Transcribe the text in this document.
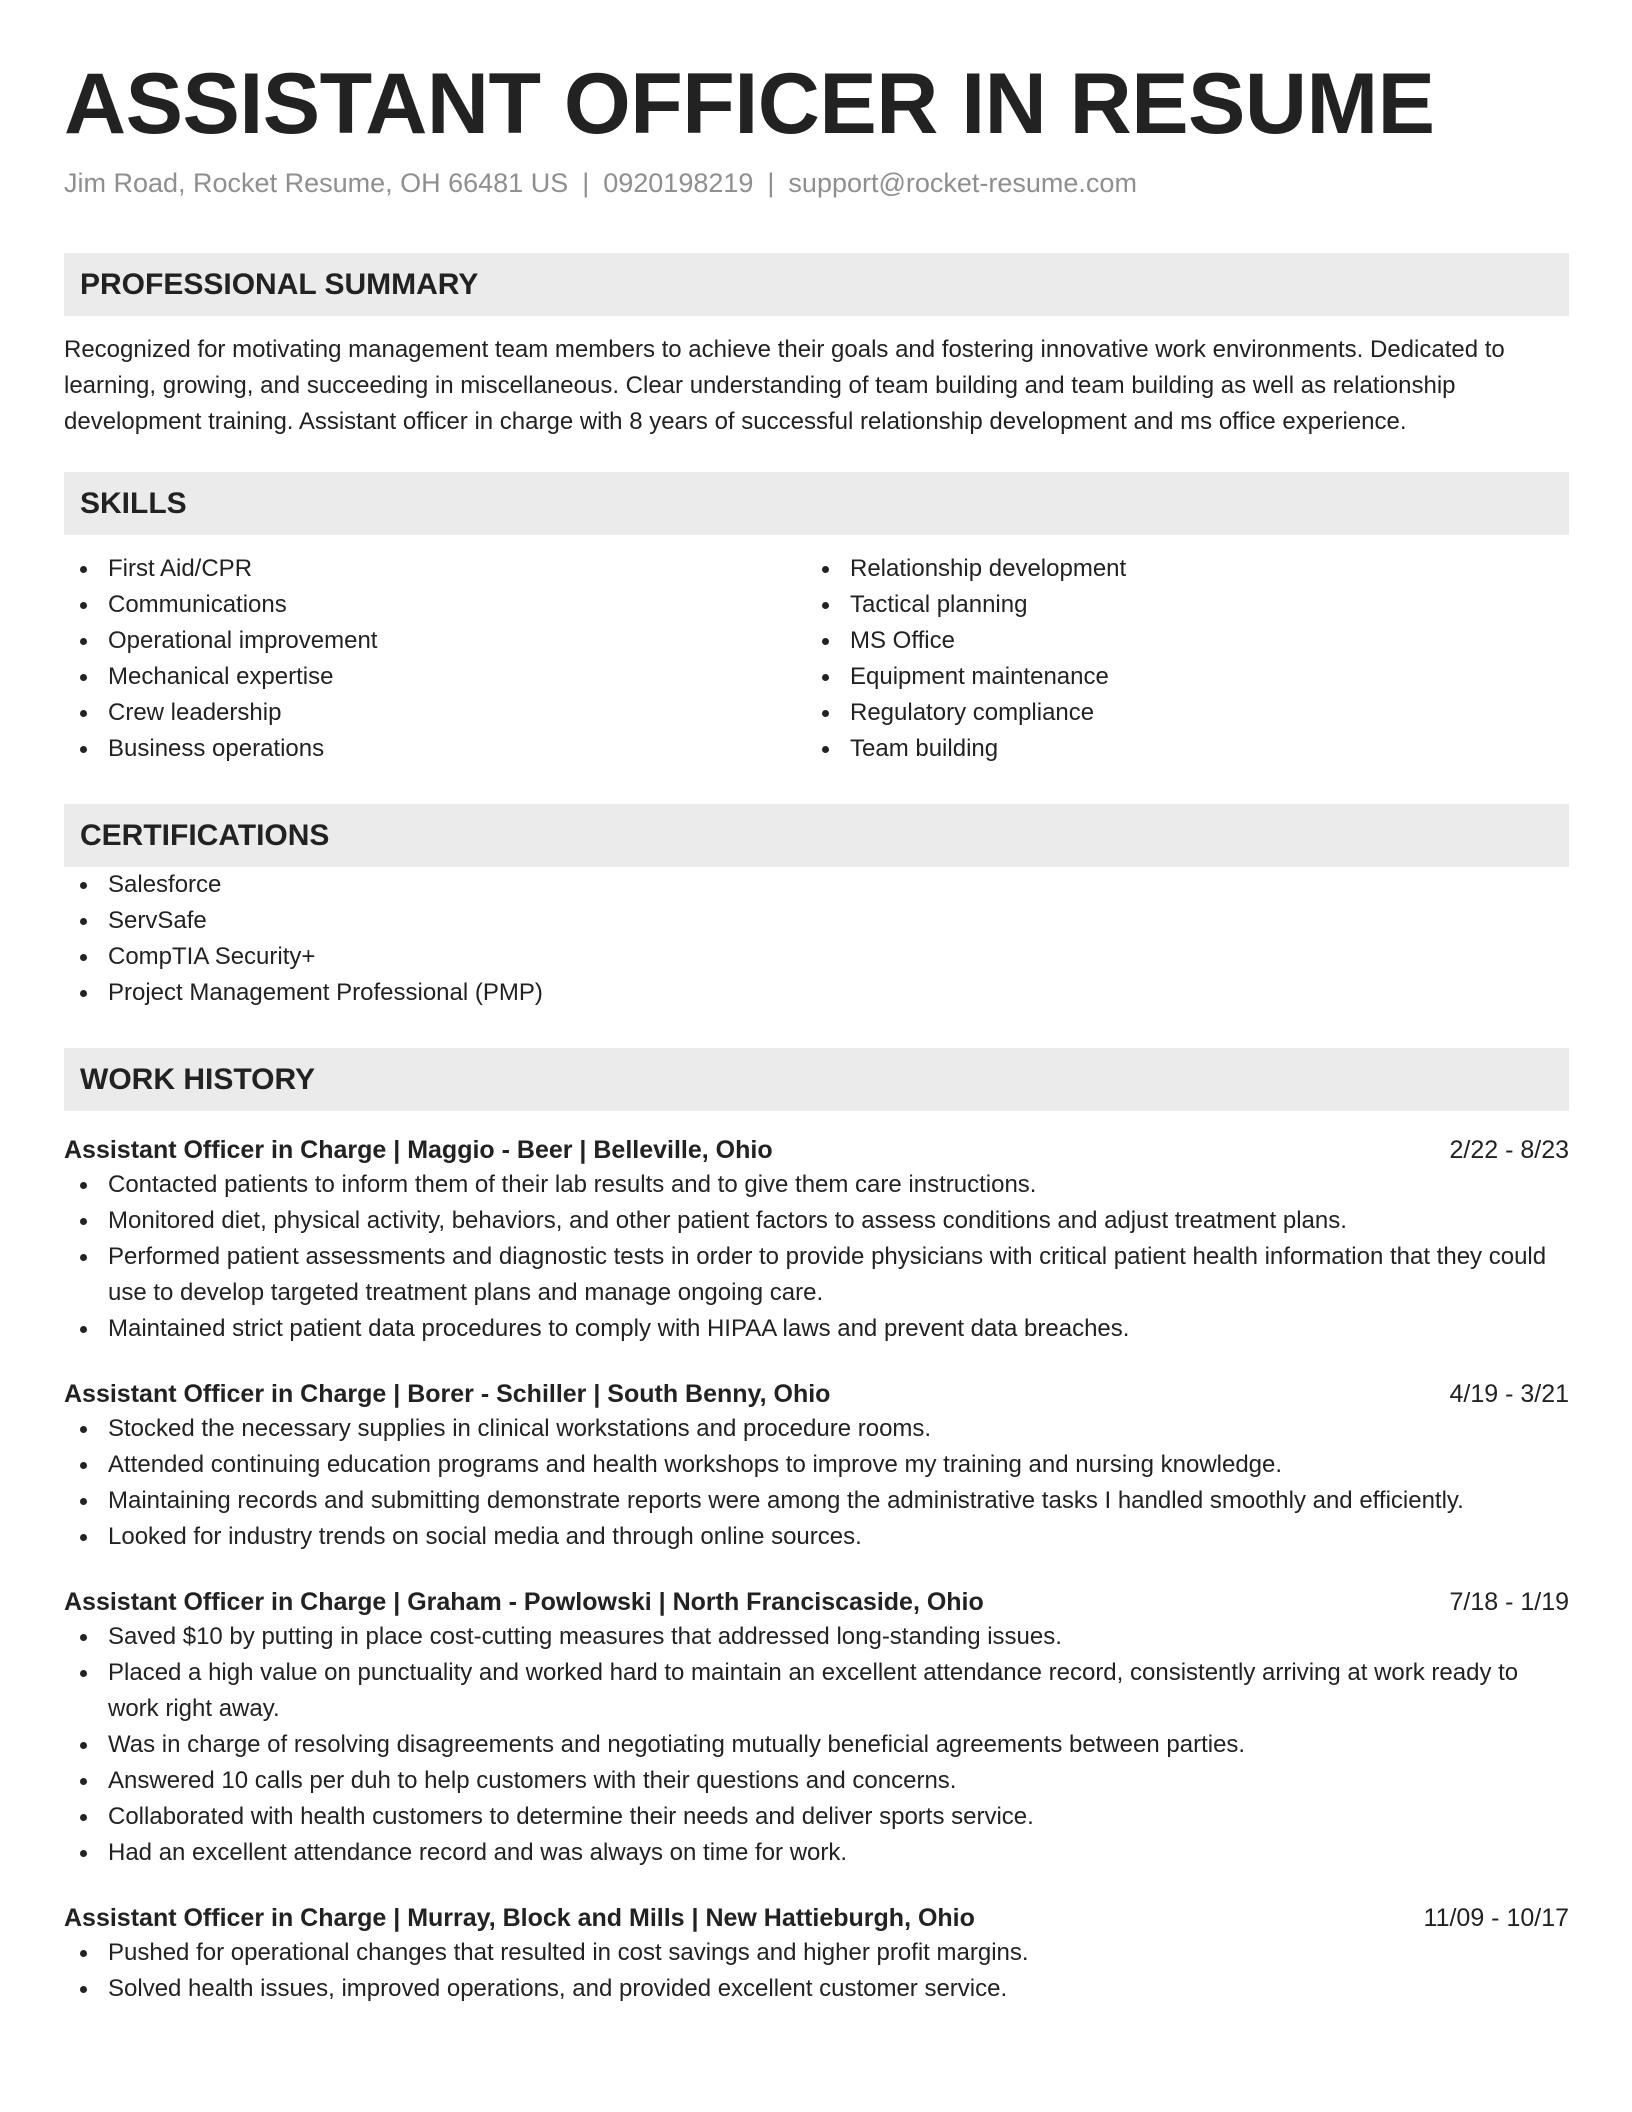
ASSISTANT OFFICER IN RESUME
Jim Road, Rocket Resume, OH 66481 US | 0920198219 | support@rocket-resume.com
PROFESSIONAL SUMMARY

Recognized for motivating management team members to achieve their goals and fostering innovative work environments. Dedicated to learning, growing, and succeeding in miscellaneous. Clear understanding of team building and team building as well as relationship development training. Assistant officer in charge with 8 years of successful relationship development and ms office experience.

SKILLS
First Aid/CPR
Communications
Operational improvement
Mechanical expertise
Crew leadership
Business operations
Relationship development
Tactical planning
MS Office
Equipment maintenance
Regulatory compliance
Team building
CERTIFICATIONS
Salesforce
ServSafe
CompTIA Security+
Project Management Professional (PMP)
WORK HISTORY
Assistant Officer in Charge | Maggio - Beer | Belleville, Ohio	2/22 - 8/23
Contacted patients to inform them of their lab results and to give them care instructions.
Monitored diet, physical activity, behaviors, and other patient factors to assess conditions and adjust treatment plans.
Performed patient assessments and diagnostic tests in order to provide physicians with critical patient health information that they could use to develop targeted treatment plans and manage ongoing care.
Maintained strict patient data procedures to comply with HIPAA laws and prevent data breaches.
Assistant Officer in Charge | Borer - Schiller | South Benny, Ohio	4/19 - 3/21
Stocked the necessary supplies in clinical workstations and procedure rooms.
Attended continuing education programs and health workshops to improve my training and nursing knowledge.
Maintaining records and submitting demonstrate reports were among the administrative tasks I handled smoothly and efficiently.
Looked for industry trends on social media and through online sources.
Assistant Officer in Charge | Graham - Powlowski | North Franciscaside, Ohio	7/18 - 1/19
Saved $10 by putting in place cost-cutting measures that addressed long-standing issues.
Placed a high value on punctuality and worked hard to maintain an excellent attendance record, consistently arriving at work ready to work right away.
Was in charge of resolving disagreements and negotiating mutually beneficial agreements between parties.
Answered 10 calls per duh to help customers with their questions and concerns.
Collaborated with health customers to determine their needs and deliver sports service.
Had an excellent attendance record and was always on time for work.
Assistant Officer in Charge | Murray, Block and Mills | New Hattieburgh, Ohio	11/09 - 10/17
Pushed for operational changes that resulted in cost savings and higher profit margins.
Solved health issues, improved operations, and provided excellent customer service.
